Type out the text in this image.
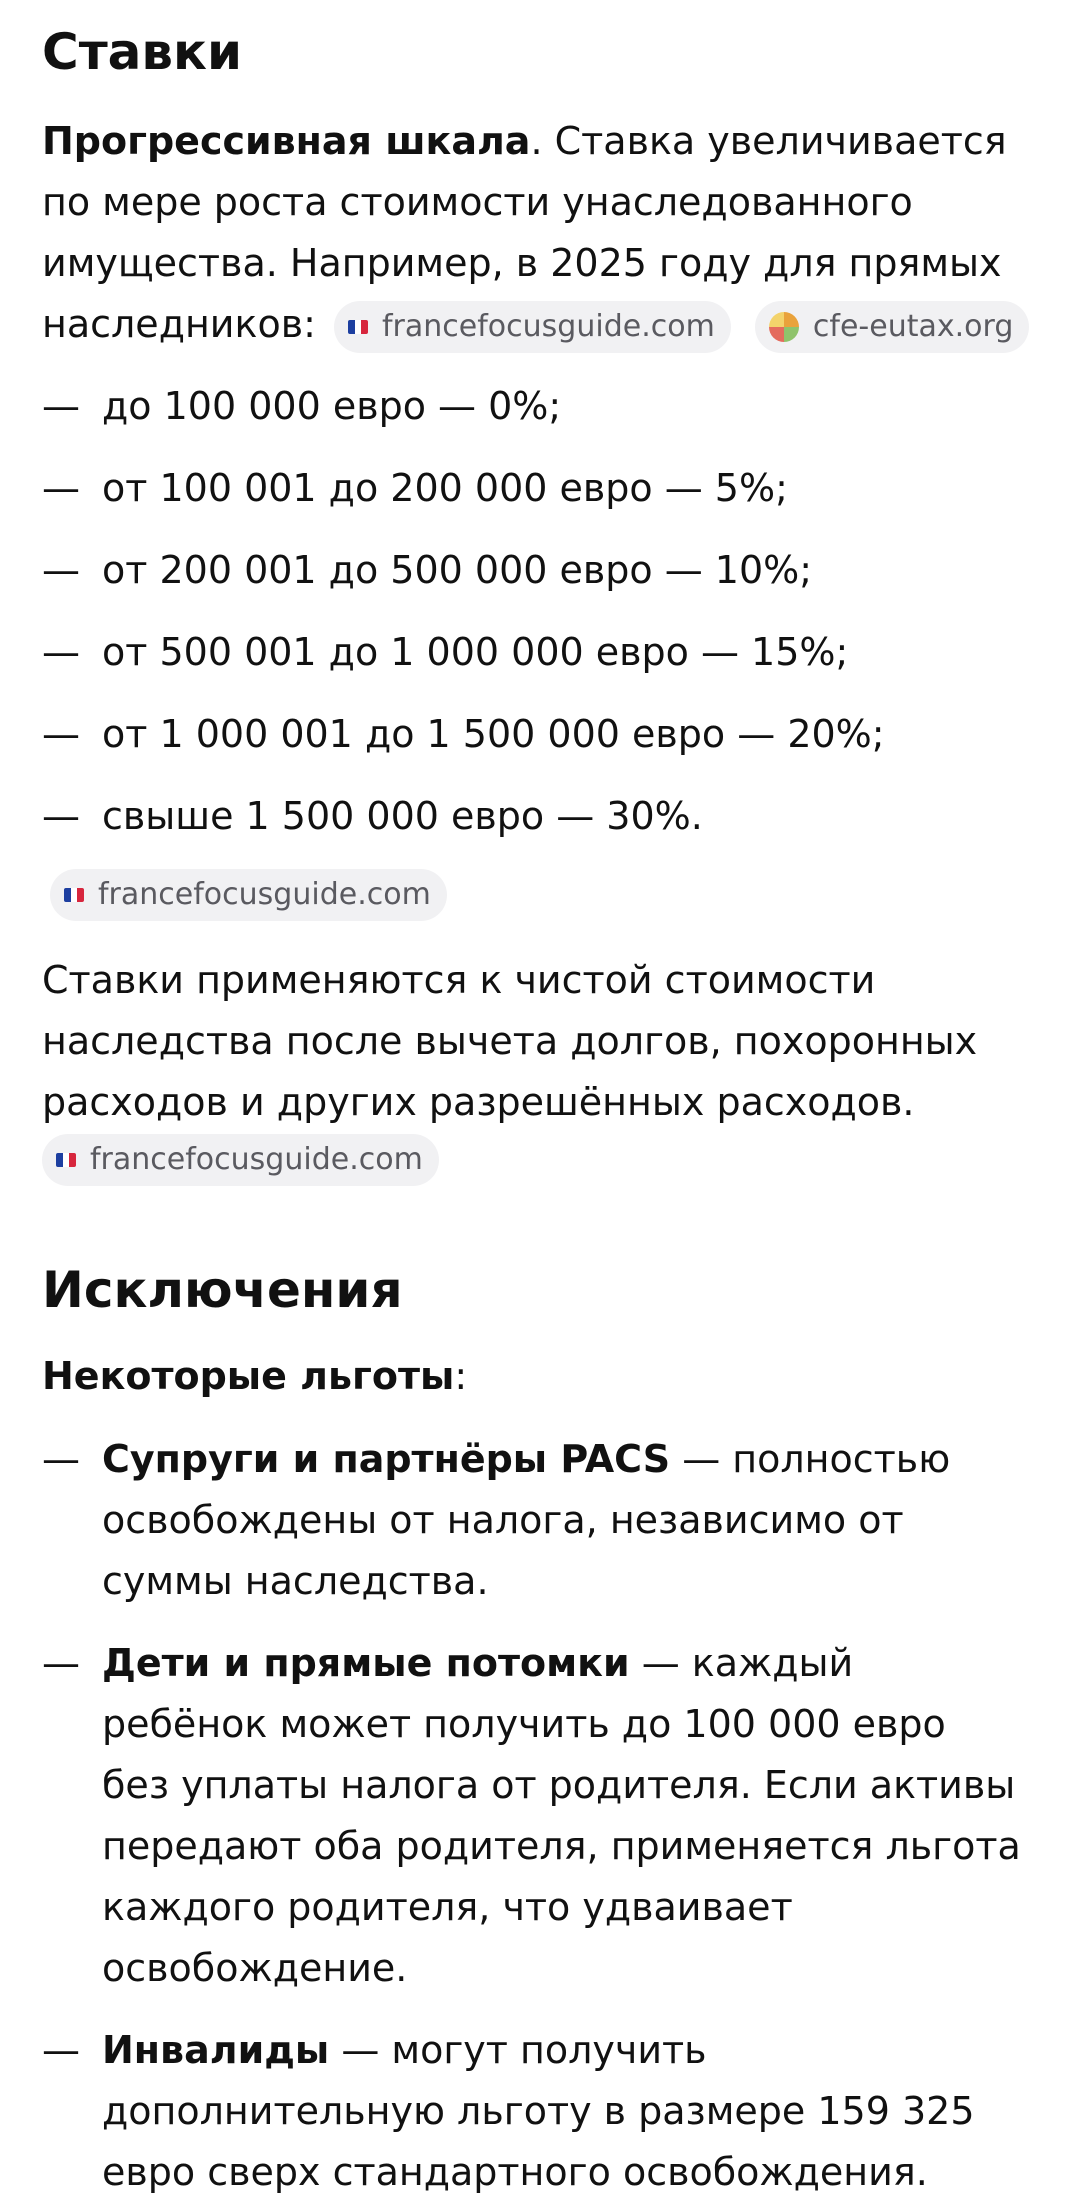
Ставки

Прогрессивная шкала. Ставка увеличивается по мере роста стоимости унаследованного имущества. Например, в 2025 году для прямых наследников: francefocusguide.com
	cfe-eutax.org

— до 100 000 евро — 0%;
— от 100 001 до 200 000 евро — 5%;
— от 200 001 до 500 000 евро — 10%;
— от 500 001 до 1 000 000 евро — 15%;
— от 1 000 001 до 1 500 000 евро — 20%;
— свыше 1 500 000 евро — 30%.
francefocusguide.com

Ставки применяются к чистой стоимости наследства после вычета долгов, похоронных расходов и других разрешённых расходов.

francefocusguide.com
Исключения

Некоторые льготы:

— Супруги и партнёры PACS — полностью освобождены от налога, независимо от суммы наследства.
— Дети и прямые потомки — каждый ребёнок может получить до 100 000 евро без уплаты налога от родителя. Если активы передают оба родителя, применяется льгота каждого родителя, что удваивает освобождение.
— Инвалиды — могут получить дополнительную льготу в размере 159 325 евро сверх стандартного освобождения.
